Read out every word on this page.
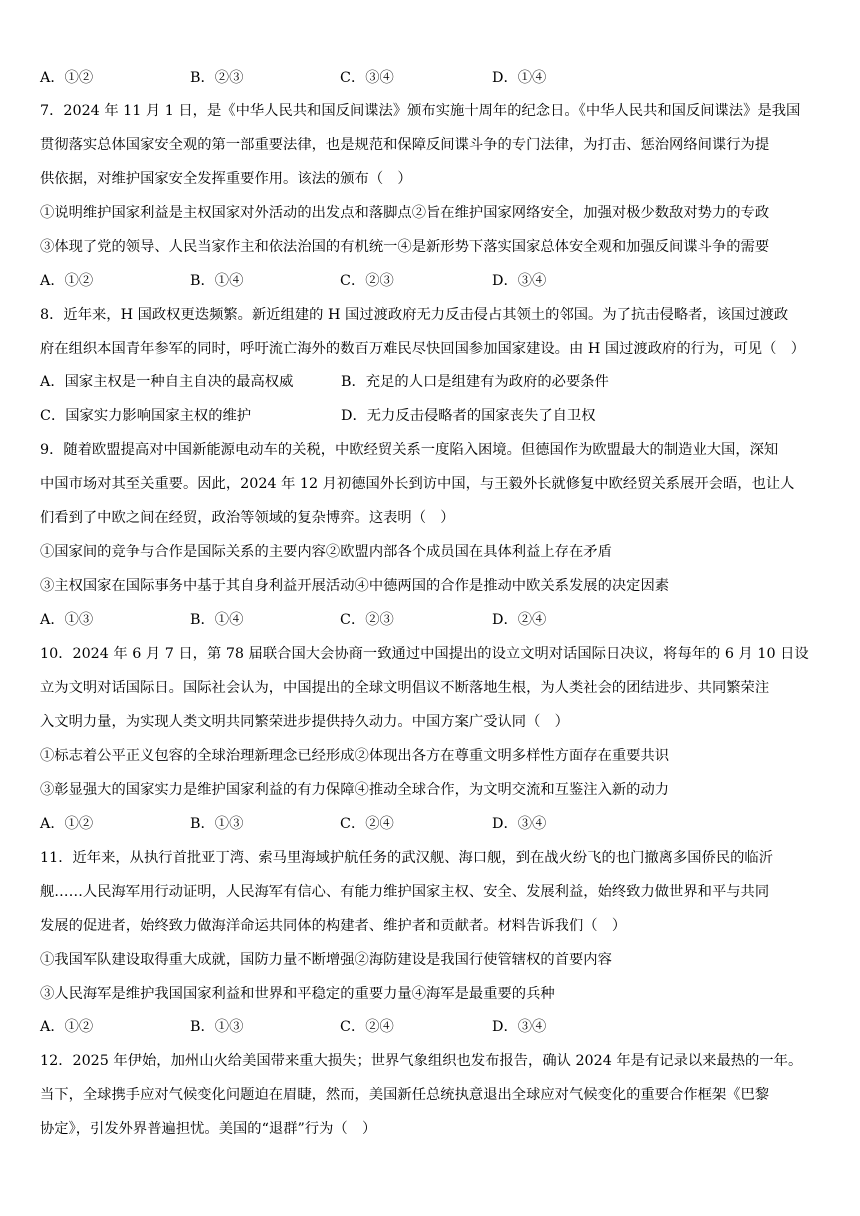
A．①②	B．②③	C．③④	D．①④
7．2024 年 11 月 1 日，是《中华人民共和国反间谍法》颁布实施十周年的纪念日。《中华人民共和国反间谍法》是我国
贯彻落实总体国家安全观的第一部重要法律，也是规范和保障反间谍斗争的专门法律，为打击、惩治网络间谍行为提
供依据，对维护国家安全发挥重要作用。该法的颁布（　）
①说明维护国家利益是主权国家对外活动的出发点和落脚点②旨在维护国家网络安全，加强对极少数敌对势力的专政
③体现了党的领导、人民当家作主和依法治国的有机统一④是新形势下落实国家总体安全观和加强反间谍斗争的需要
A．①②	B．①④	C．②③	D．③④
8．近年来，H 国政权更迭频繁。新近组建的 H 国过渡政府无力反击侵占其领土的邻国。为了抗击侵略者，该国过渡政
府在组织本国青年参军的同时，呼吁流亡海外的数百万难民尽快回国参加国家建设。由 H 国过渡政府的行为，可见（　）
A．国家主权是一种自主自决的最高权威	B．充足的人口是组建有为政府的必要条件
C．国家实力影响国家主权的维护	D．无力反击侵略者的国家丧失了自卫权
9．随着欧盟提高对中国新能源电动车的关税，中欧经贸关系一度陷入困境。但德国作为欧盟最大的制造业大国，深知
中国市场对其至关重要。因此，2024 年 12 月初德国外长到访中国，与王毅外长就修复中欧经贸关系展开会晤，也让人
们看到了中欧之间在经贸，政治等领域的复杂博弈。这表明（　）
①国家间的竞争与合作是国际关系的主要内容②欧盟内部各个成员国在具体利益上存在矛盾
③主权国家在国际事务中基于其自身利益开展活动④中德两国的合作是推动中欧关系发展的决定因素
A．①③	B．①④	C．②③	D．②④
10．2024 年 6 月 7 日，第 78 届联合国大会协商一致通过中国提出的设立文明对话国际日决议，将每年的 6 月 10 日设
立为文明对话国际日。国际社会认为，中国提出的全球文明倡议不断落地生根，为人类社会的团结进步、共同繁荣注
入文明力量，为实现人类文明共同繁荣进步提供持久动力。中国方案广受认同（　）
①标志着公平正义包容的全球治理新理念已经形成②体现出各方在尊重文明多样性方面存在重要共识
③彰显强大的国家实力是维护国家利益的有力保障④推动全球合作，为文明交流和互鉴注入新的动力
A．①②	B．①③	C．②④	D．③④
11．近年来，从执行首批亚丁湾、索马里海域护航任务的武汉舰、海口舰，到在战火纷飞的也门撤离多国侨民的临沂
舰……人民海军用行动证明，人民海军有信心、有能力维护国家主权、安全、发展利益，始终致力做世界和平与共同
发展的促进者，始终致力做海洋命运共同体的构建者、维护者和贡献者。材料告诉我们（　）
①我国军队建设取得重大成就，国防力量不断增强②海防建设是我国行使管辖权的首要内容
③人民海军是维护我国国家利益和世界和平稳定的重要力量④海军是最重要的兵种
A．①②	B．①③	C．②④	D．③④
12．2025 年伊始，加州山火给美国带来重大损失；世界气象组织也发布报告，确认 2024 年是有记录以来最热的一年。
当下，全球携手应对气候变化问题迫在眉睫，然而，美国新任总统执意退出全球应对气候变化的重要合作框架《巴黎
协定》，引发外界普遍担忧。美国的“退群”行为（　）
